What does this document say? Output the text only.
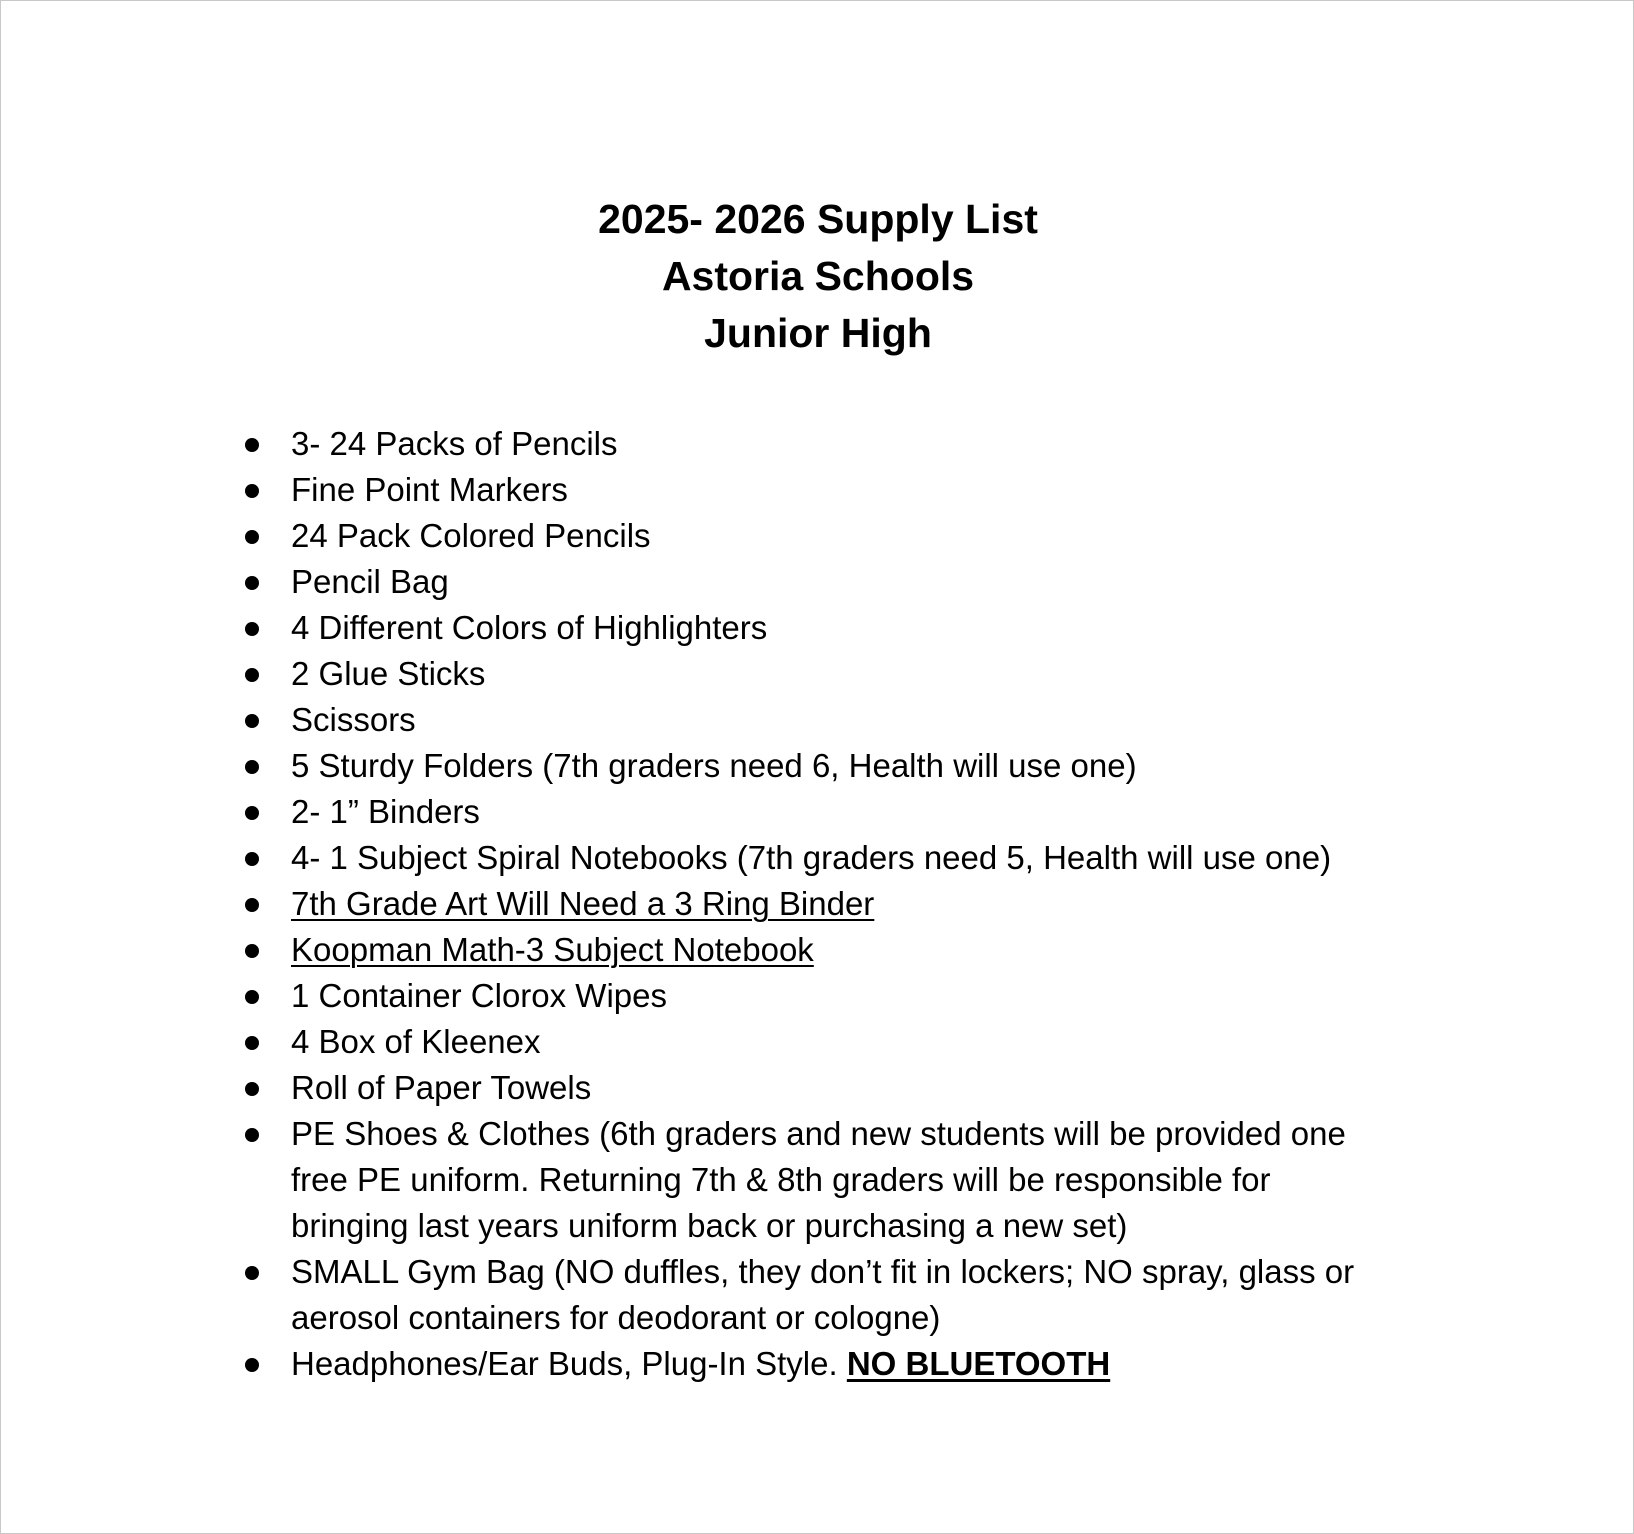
2025- 2026 Supply List
Astoria Schools
Junior High
3- 24 Packs of Pencils
Fine Point Markers
24 Pack Colored Pencils
Pencil Bag
4 Different Colors of Highlighters
2 Glue Sticks
Scissors
5 Sturdy Folders (7th graders need 6, Health will use one)
2- 1” Binders
4- 1 Subject Spiral Notebooks (7th graders need 5, Health will use one)
7th Grade Art Will Need a 3 Ring Binder
Koopman Math-3 Subject Notebook
1 Container Clorox Wipes
4 Box of Kleenex
Roll of Paper Towels
PE Shoes & Clothes (6th graders and new students will be provided one
free PE uniform. Returning 7th & 8th graders will be responsible for
bringing last years uniform back or purchasing a new set)
SMALL Gym Bag (NO duffles, they don’t fit in lockers; NO spray, glass or
aerosol containers for deodorant or cologne)
Headphones/Ear Buds, Plug-In Style. NO BLUETOOTH
